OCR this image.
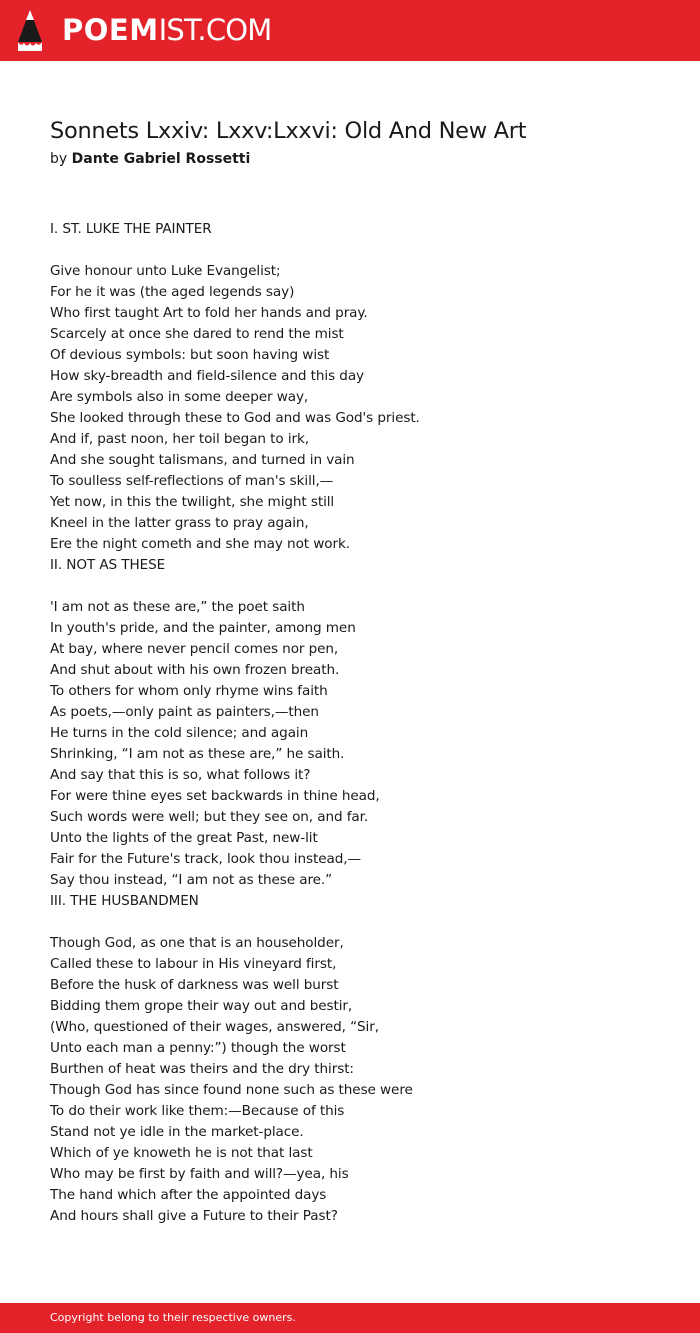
POEMIST.COM
Sonnets Lxxiv: Lxxv:Lxxvi: Old And New Art
by Dante Gabriel Rossetti
I. ST. LUKE THE PAINTER
Give honour unto Luke Evangelist;
For he it was (the aged legends say)
Who first taught Art to fold her hands and pray.
Scarcely at once she dared to rend the mist
Of devious symbols: but soon having wist
How sky-breadth and field-silence and this day
Are symbols also in some deeper way,
She looked through these to God and was God's priest.
And if, past noon, her toil began to irk,
And she sought talismans, and turned in vain
To soulless self-reflections of man's skill,—
Yet now, in this the twilight, she might still
Kneel in the latter grass to pray again,
Ere the night cometh and she may not work.
II. NOT AS THESE
'I am not as these are,” the poet saith
In youth's pride, and the painter, among men
At bay, where never pencil comes nor pen,
And shut about with his own frozen breath.
To others for whom only rhyme wins faith
As poets,—only paint as painters,—then
He turns in the cold silence; and again
Shrinking, “I am not as these are,” he saith.
And say that this is so, what follows it?
For were thine eyes set backwards in thine head,
Such words were well; but they see on, and far.
Unto the lights of the great Past, new-lit
Fair for the Future's track, look thou instead,—
Say thou instead, “I am not as these are.”
III. THE HUSBANDMEN
Though God, as one that is an householder,
Called these to labour in His vineyard first,
Before the husk of darkness was well burst
Bidding them grope their way out and bestir,
(Who, questioned of their wages, answered, “Sir,
Unto each man a penny:”) though the worst
Burthen of heat was theirs and the dry thirst:
Though God has since found none such as these were
To do their work like them:—Because of this
Stand not ye idle in the market-place.
Which of ye knoweth he is not that last
Who may be first by faith and will?—yea, his
The hand which after the appointed days
And hours shall give a Future to their Past?
Copyright belong to their respective owners.
